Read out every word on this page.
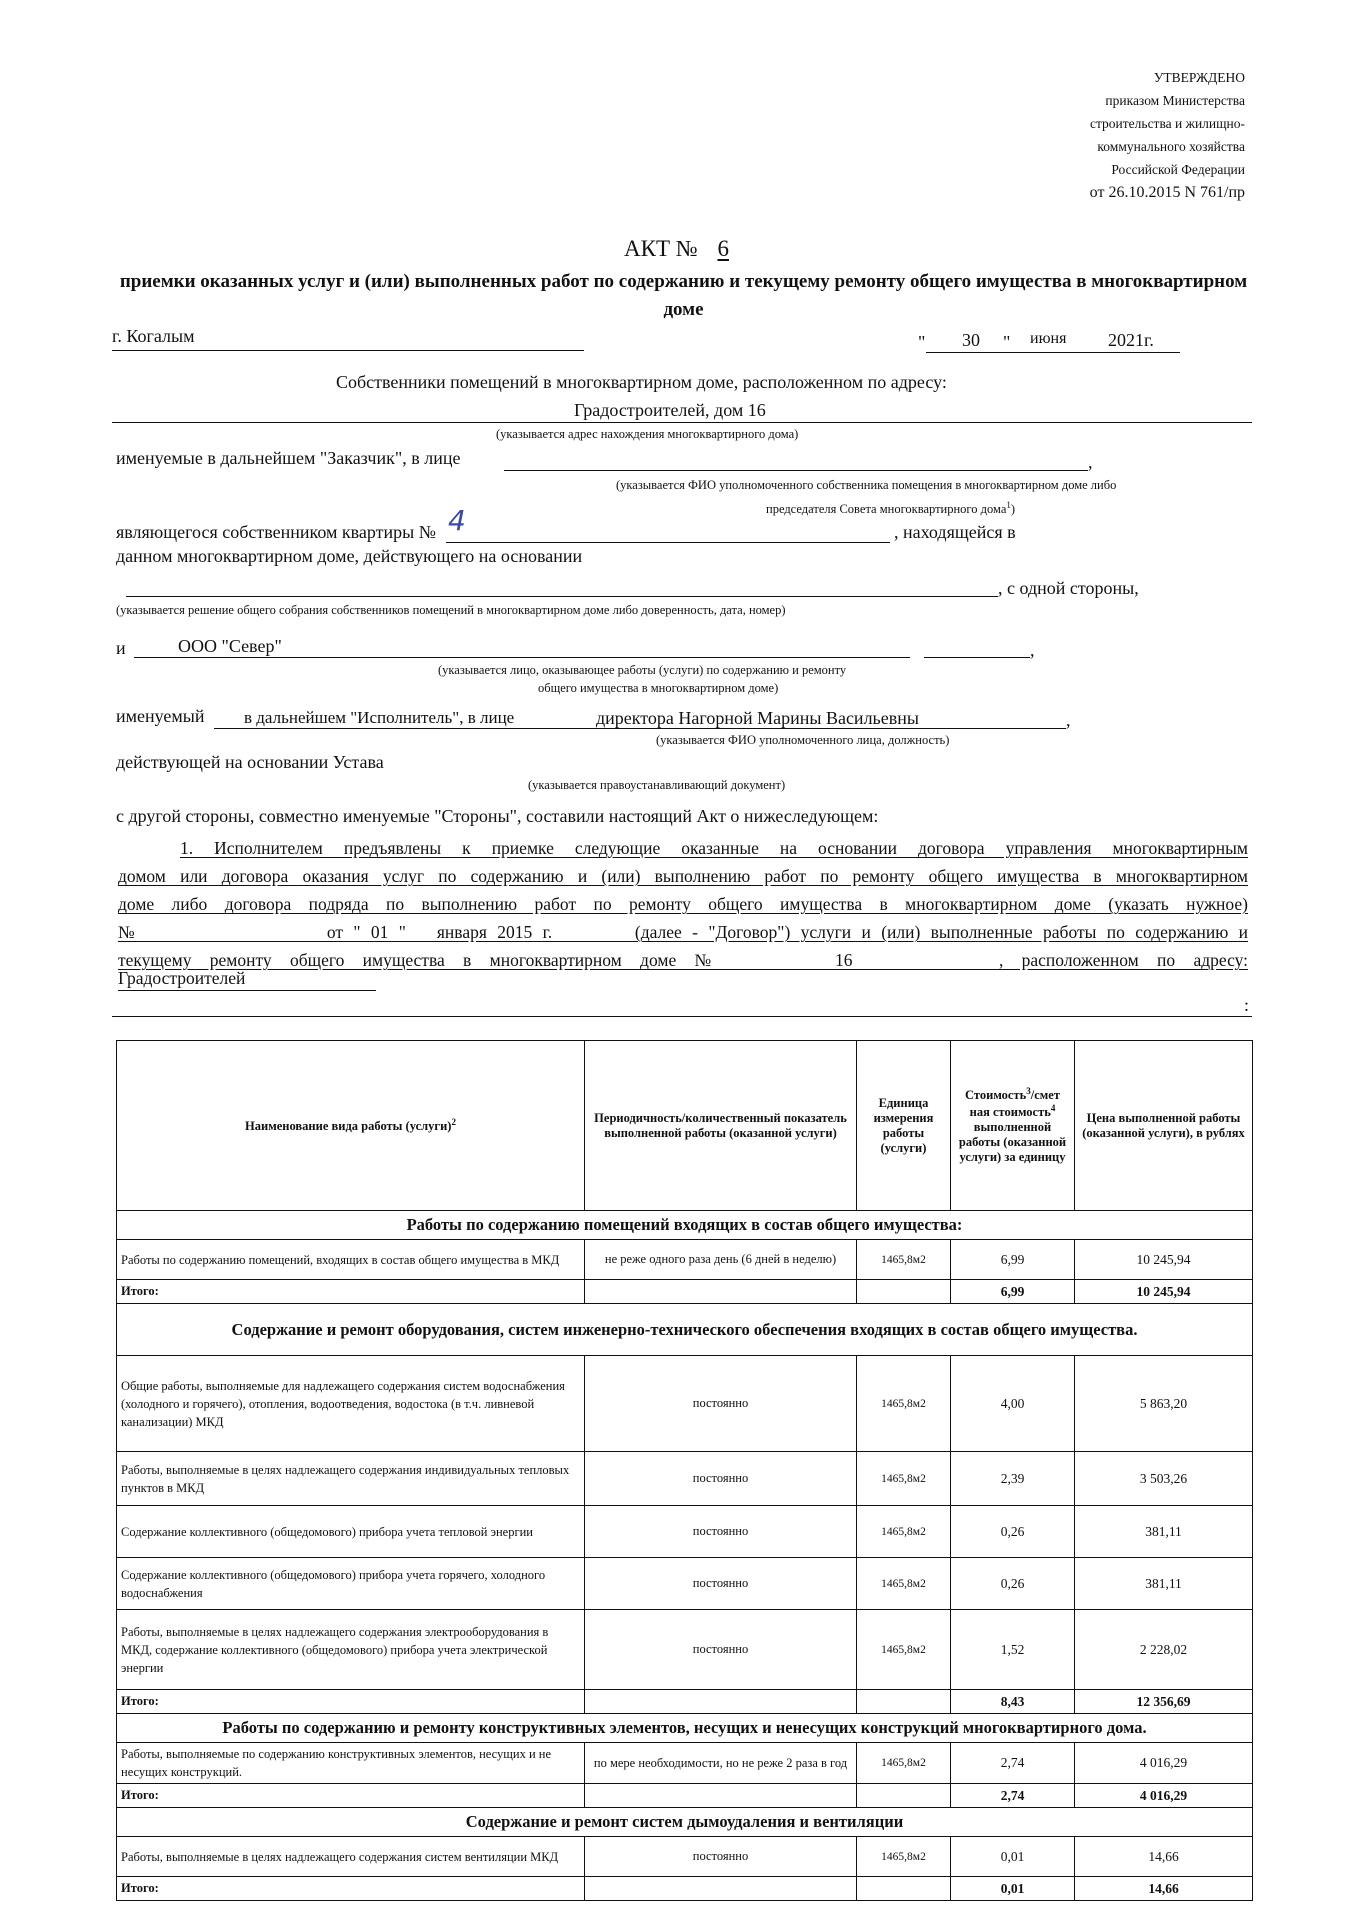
УТВЕРЖДЕНО
приказом Министерства
строительства и жилищно-
коммунального хозяйства
Российской Федерации
от 26.10.2015 N 761/пр
АКТ № 6
приемки оказанных услуг и (или) выполненных работ по содержанию и текущему ремонту общего имущества в многоквартирном доме
г. Когалым	" 30 " июня 2021г.
Собственники помещений в многоквартирном доме, расположенном по адресу:
Градостроителей, дом 16
(указывается адрес нахождения многоквартирного дома)
именуемые в дальнейшем "Заказчик", в лице	,
(указывается ФИО уполномоченного собственника помещения в многоквартирном доме либо
председателя Совета многоквартирного дома$^1$)
являющегося собственником квартиры № 4	, находящейся в
данном многоквартирном доме, действующего на основании
, с одной стороны,
(указывается решение общего собрания собственников помещений в многоквартирном доме либо доверенность, дата, номер)
и	ООО "Север"	,
(указывается лицо, оказывающее работы (услуги) по содержанию и ремонту
общего имущества в многоквартирном доме)
именуемый в дальнейшем "Исполнитель", в лице	директора Нагорной Марины Васильевны	,
(указывается ФИО уполномоченного лица, должность)
действующей на основании Устава
(указывается правоустанавливающий документ)
с другой стороны, совместно именуемые "Стороны", составили настоящий Акт о нижеследующем:
1. Исполнителем предъявлены к приемке следующие оказанные на основании договора управления многоквартирным
домом или договора оказания услуг по содержанию и (или) выполнению работ по ремонту общего имущества в многоквартирном
доме либо договора подряда по выполнению работ по ремонту общего имущества в многоквартирном доме (указать нужное)
№                  от " 01 "   января 2015 г.        (далее - "Договор") услуги и (или) выполненные работы по содержанию и
текущему ремонту общего имущества в многоквартирном доме №      16        , расположенном по адресу:
Градостроителей
:
Наименование вида работы (услуги)$^2$	Периодичность/количественный показатель выполненной работы (оказанной услуги)	Единица измерения работы (услуги)	Стоимость$^3$/смет ная стоимость$^4$ выполненной работы (оказанной услуги) за единицу	Цена выполненной работы (оказанной услуги), в рублях
Работы по содержанию помещений входящих в состав общего имущества:				
Работы по содержанию помещений, входящих в состав общего имущества в МКД	не реже одного раза день (6 дней в неделю)	1465,8м2	6,99	10 245,94
Итого:			6,99	10 245,94
Содержание и ремонт оборудования, систем инженерно-технического обеспечения входящих в состав общего имущества.				
Общие работы, выполняемые для надлежащего содержания систем водоснабжения (холодного и горячего), отопления, водоотведения, водостока (в т.ч. ливневой канализации) МКД	постоянно	1465,8м2	4,00	5 863,20
Работы, выполняемые в целях надлежащего содержания индивидуальных тепловых пунктов в МКД	постоянно	1465,8м2	2,39	3 503,26
Содержание коллективного (общедомового) прибора учета тепловой энергии	постоянно	1465,8м2	0,26	381,11
Содержание коллективного (общедомового) прибора учета горячего, холодного водоснабжения	постоянно	1465,8м2	0,26	381,11
Работы, выполняемые в целях надлежащего содержания электрооборудования в МКД, содержание коллективного (общедомового) прибора учета электрической энергии	постоянно	1465,8м2	1,52	2 228,02
Итого:			8,43	12 356,69
Работы по содержанию и ремонту конструктивных элементов, несущих и ненесущих конструкций многоквартирного дома.				
Работы, выполняемые по содержанию конструктивных элементов, несущих и не несущих конструкций.	по мере необходимости, но не реже 2 раза в год	1465,8м2	2,74	4 016,29
Итого:			2,74	4 016,29
Содержание и ремонт систем дымоудаления и вентиляции				
Работы, выполняемые в целях надлежащего содержания систем вентиляции МКД	постоянно	1465,8м2	0,01	14,66
Итого:			0,01	14,66
